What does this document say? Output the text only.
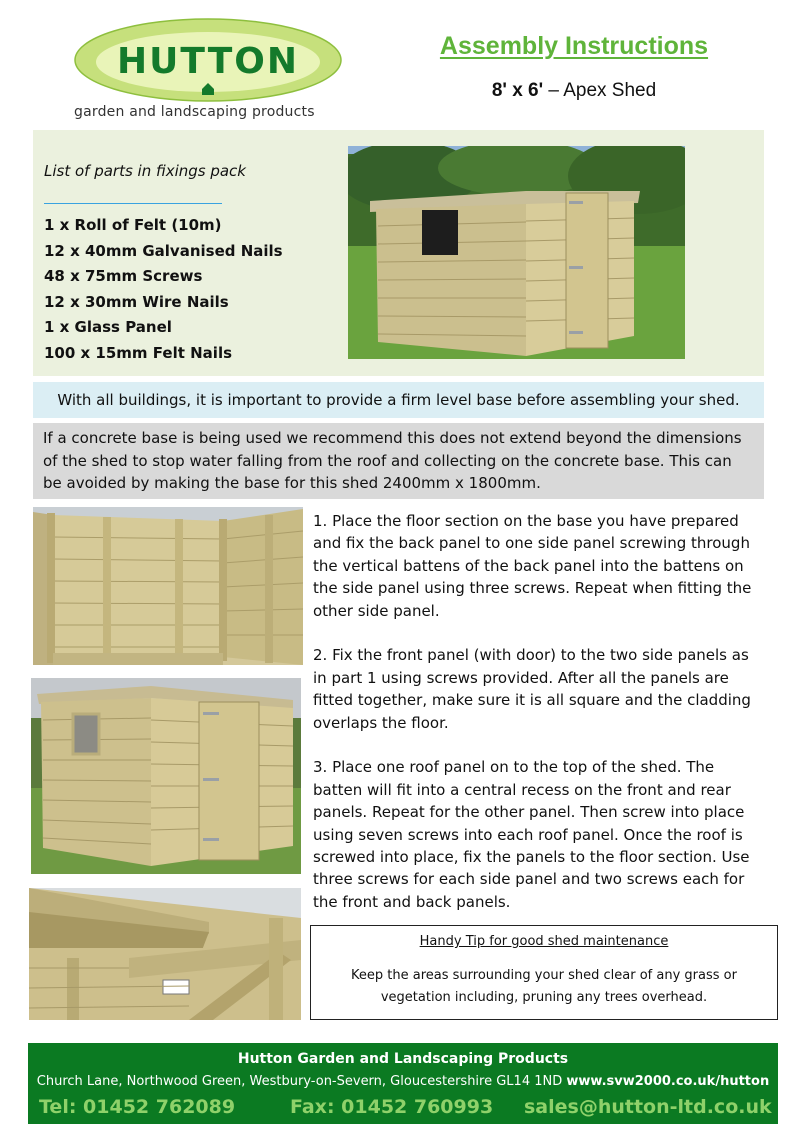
HUTTON
garden and landscaping products
Assembly Instructions
8' x 6' – Apex Shed
List of parts in fixings pack
1 x Roll of Felt (10m)
12 x 40mm Galvanised Nails
48 x 75mm Screws
12 x 30mm Wire Nails
1 x Glass Panel
100 x 15mm Felt Nails
With all buildings, it is important to provide a firm level base before assembling your shed.
If a concrete base is being used we recommend this does not extend beyond the dimensions of the shed to stop water falling from the roof and collecting on the concrete base. This can be avoided by making the base for this shed 2400mm x 1800mm.

1. Place the floor section on the base you have prepared and fix the back panel to one side panel screwing through the vertical battens of the back panel into the battens on the side panel using three screws. Repeat when fitting the other side panel.

2. Fix the front panel (with door) to the two side panels as in part 1 using screws provided. After all the panels are fitted together, make sure it is all square and the cladding overlaps the floor.

3. Place one roof panel on to the top of the shed. The batten will fit into a central recess on the front and rear panels. Repeat for the other panel. Then screw into place using seven screws into each roof panel. Once the roof is screwed into place, fix the panels to the floor section. Use three screws for each side panel and two screws each for the front and back panels.

Handy Tip for good shed maintenance
Keep the areas surrounding your shed clear of any grass or vegetation including, pruning any trees overhead.
Hutton Garden and Landscaping Products
Church Lane, Northwood Green, Westbury-on-Severn, Gloucestershire GL14 1ND www.svw2000.co.uk/hutton
Tel: 01452 762089	Fax: 01452 760993 sales@hutton-ltd.co.uk
